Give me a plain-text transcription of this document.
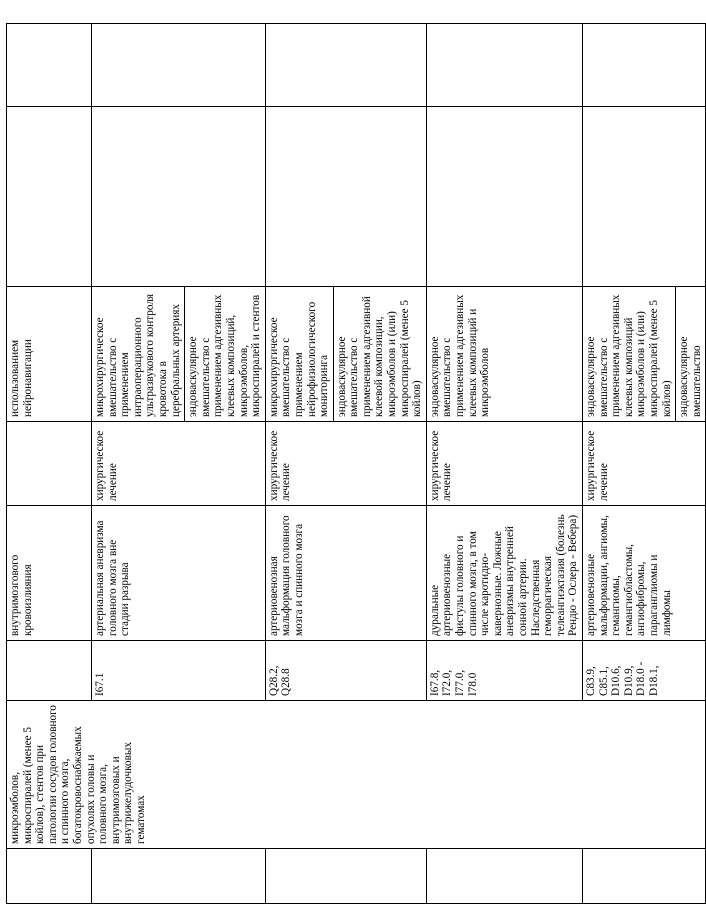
	микроэмболов, микроспиралей (менее 5 койлов), стентов при патологии сосудов головного и спинного мозга, богатокровоснабжаемых опухолях головы и головного мозга, внутримозговых и внутрижелудочковых гематомах		внутримозгового кровоизлияния		использованием нейронавигации		

		I67.1	артериальная аневризма головного мозга вне стадии разрыва	хирургическое лечение	микрохирургическое вмешательство с применением интраоперационного ультразвукового контроля кровотока в церебральных артериях эндоваскулярное вмешательство с применением адгезивных клеевых композиций, микроэмболов, микроспиралей и стентов		

		Q28.2, Q28.8	артериовенозная мальформация головного мозга и спинного мозга	хирургическое лечение	микрохирургическое вмешательство с применением нейрофизиологического мониторинга эндоваскулярное вмешательство с применением адгезивной клеевой композиции, микроэмболов и (или) микроспиралей (менее 5 койлов)		

		I67.8, I72.0, I77.0, I78.0	дуральные артериовенозные фистулы головного и спинного мозга, в том числе каротидно-кавернозные. Ложные аневризмы внутренней сонной артерии. Наследственная геморрагическая телеангиэктазия (болезнь Рендю - Ослера - Вебера)	хирургическое лечение	эндоваскулярное вмешательство с применением адгезивных клеевых композиций и микроэмболов		

		C83.9, C85.1, D10.6, D10.9, D18.0 - D18.1,	артериовенозные мальформации, ангиомы, гемангиомы, гемангиобластомы, ангиофибромы, параганглиомы и лимфомы	хирургическое лечение	эндоваскулярное вмешательство с применением адгезивных клеевых композиций микроэмболов и (или) микроспиралей (менее 5 койлов) эндоваскулярное вмешательство		
